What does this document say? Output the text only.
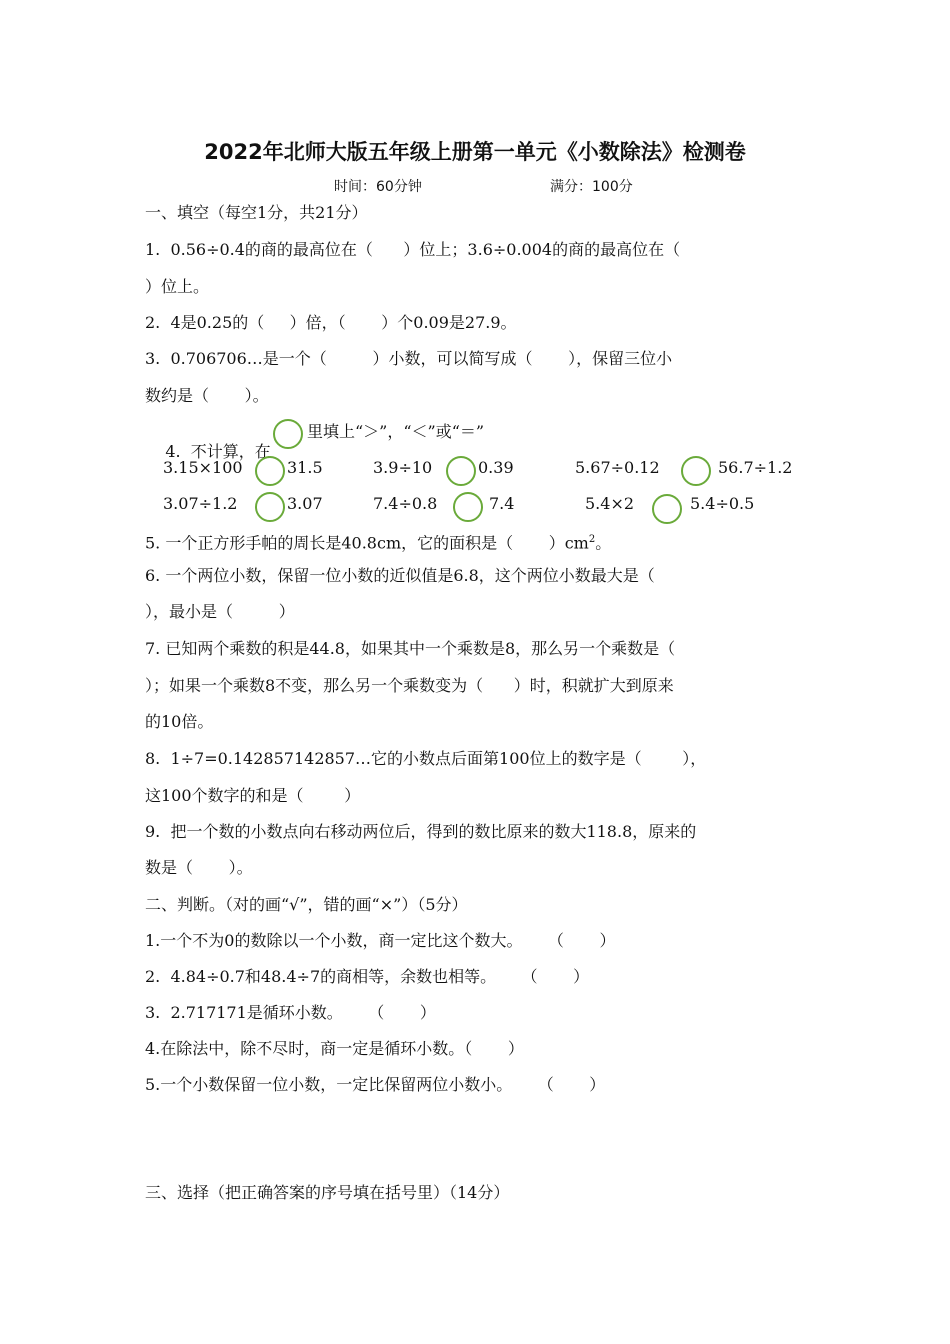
2022年北师大版五年级上册第一单元《小数除法》检测卷
时间：60分钟	满分：100分
一、填空（每空1分，共21分）
1.  0.56÷0.4的商的最高位在（      ）位上；3.6÷0.004的商的最高位在（
）位上。
2.  4是0.25的（     ）倍，（       ）个0.09是27.9。
3.  0.706706…是一个（         ）小数，可以简写成（       ），保留三位小
数约是（       ）。

4.  不计算，在

里填上“＞”，“＜”或“＝”
3.15×100	31.5	3.9÷10	0.39	5.67÷0.12	56.7÷1.2
3.07÷1.2	3.07	7.4÷0.8	7.4	5.4×2	5.4÷0.5
5. 一个正方形手帕的周长是40.8cm，它的面积是（       ）$cm^2$。
6. 一个两位小数，保留一位小数的近似值是6.8，这个两位小数最大是（
），最小是（         ）
7. 已知两个乘数的积是44.8，如果其中一个乘数是8，那么另一个乘数是（
）；如果一个乘数8不变，那么另一个乘数变为（      ）时，积就扩大到原来
的10倍。
8.  1÷7=0.142857142857…它的小数点后面第100位上的数字是（        ），
这100个数字的和是（        ）
9.  把一个数的小数点向右移动两位后，得到的数比原来的数大118.8，原来的
数是（       ）。
二、判断。（对的画“√”，错的画“×”）（5分）
1.一个不为0的数除以一个小数，商一定比这个数大。     （       ）
2.  4.84÷0.7和48.4÷7的商相等，余数也相等。     （       ）
3.  2.717171是循环小数。     （       ）
4.在除法中，除不尽时，商一定是循环小数。（       ）
5.一个小数保留一位小数，一定比保留两位小数小。     （       ）
三、选择（把正确答案的序号填在括号里）（14分）
